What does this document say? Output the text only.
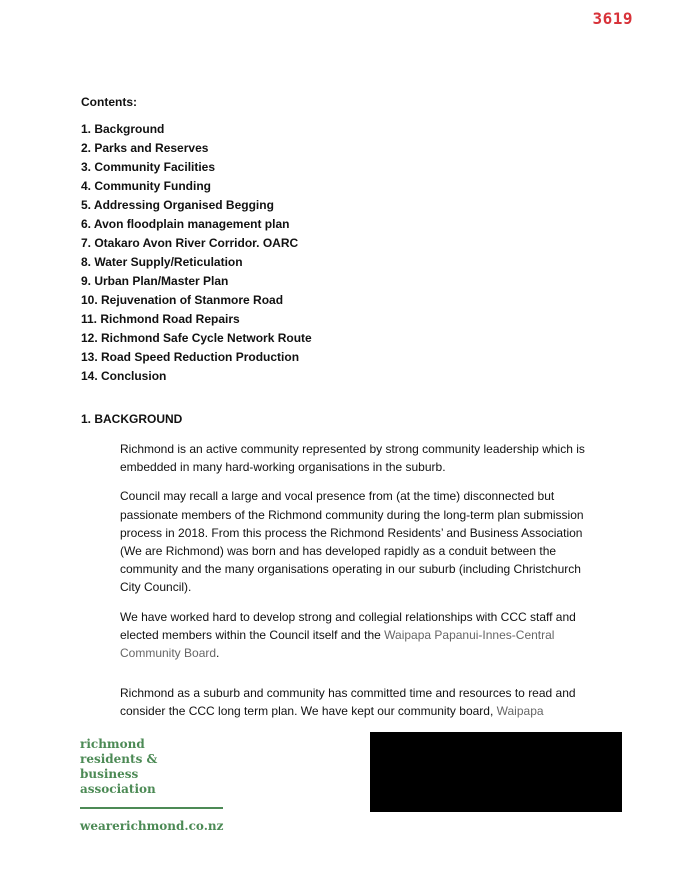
3619
Contents:
1. Background
2. Parks and Reserves
3. Community Facilities
4. Community Funding
5. Addressing Organised Begging
6. Avon floodplain management plan
7. Otakaro Avon River Corridor. OARC
8. Water Supply/Reticulation
9. Urban Plan/Master Plan
10. Rejuvenation of Stanmore Road
11. Richmond Road Repairs
12. Richmond Safe Cycle Network Route
13. Road Speed Reduction Production
14. Conclusion
1. BACKGROUND

Richmond is an active community represented by strong community leadership which is embedded in many hard-working organisations in the suburb.

Council may recall a large and vocal presence from (at the time) disconnected but passionate members of the Richmond community during the long-term plan submission process in 2018. From this process the Richmond Residents’ and Business Association (We are Richmond) was born and has developed rapidly as a conduit between the community and the many organisations operating in our suburb (including Christchurch City Council).

We have worked hard to develop strong and collegial relationships with CCC staff and elected members within the Council itself and the Waipapa Papanui-Innes-Central Community Board.

Richmond as a suburb and community has committed time and resources to read and consider the CCC long term plan. We have kept our community board, Waipapa

richmond
residents &
business
association
wearerichmond.co.nz
